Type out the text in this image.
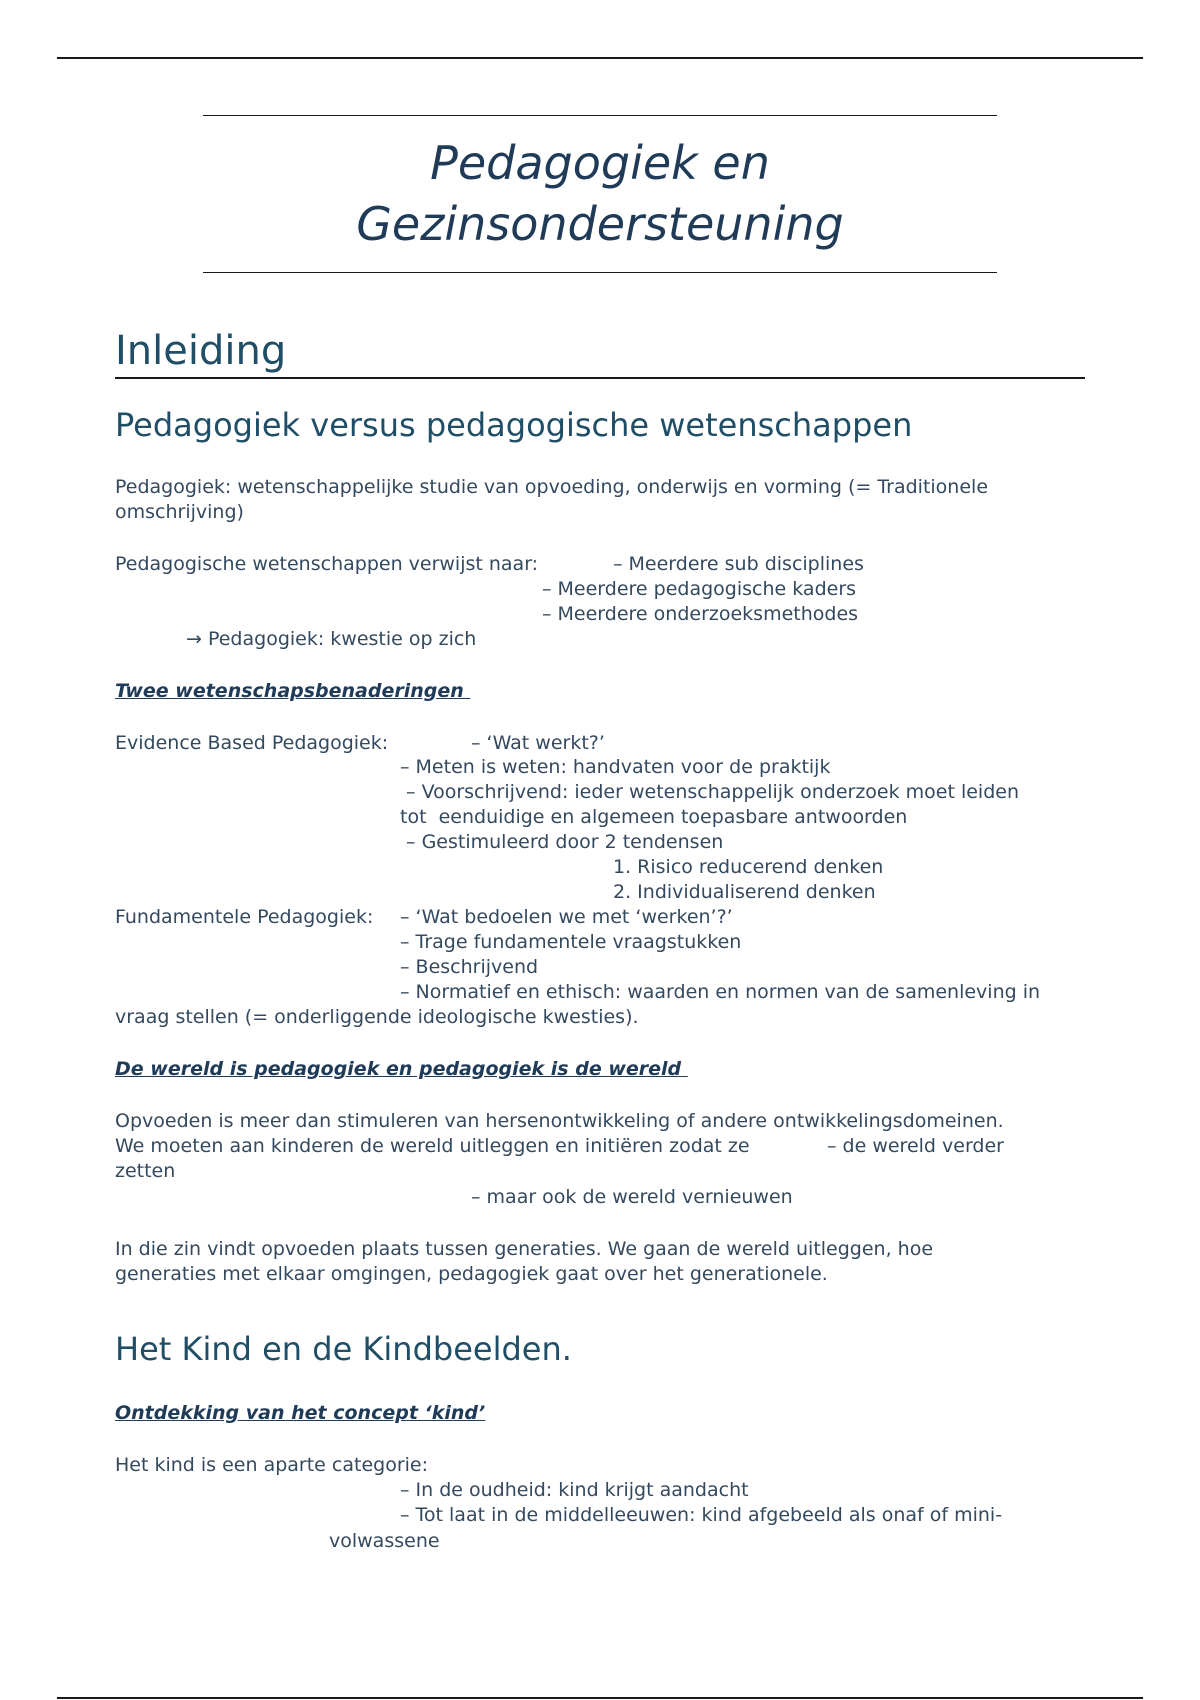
Pedagogiek en
Gezinsondersteuning
Inleiding
Pedagogiek versus pedagogische wetenschappen
Pedagogiek: wetenschappelijke studie van opvoeding, onderwijs en vorming (= Traditionele
omschrijving)
Pedagogische wetenschappen verwijst naar:	– Meerdere sub disciplines
– Meerdere pedagogische kaders
– Meerdere onderzoeksmethodes
→ Pedagogiek: kwestie op zich
Twee wetenschapsbenaderingen
Evidence Based Pedagogiek:	– ‘Wat werkt?’
– Meten is weten: handvaten voor de praktijk
– Voorschrijvend: ieder wetenschappelijk onderzoek moet leiden
tot  eenduidige en algemeen toepasbare antwoorden
– Gestimuleerd door 2 tendensen
1. Risico reducerend denken
2. Individualiserend denken
Fundamentele Pedagogiek: – ‘Wat bedoelen we met ‘werken’?’
– Trage fundamentele vraagstukken
– Beschrijvend
– Normatief en ethisch: waarden en normen van de samenleving in
vraag stellen (= onderliggende ideologische kwesties).
De wereld is pedagogiek en pedagogiek is de wereld
Opvoeden is meer dan stimuleren van hersenontwikkeling of andere ontwikkelingsdomeinen.
We moeten aan kinderen de wereld uitleggen en initiëren zodat ze	– de wereld verder
zetten
– maar ook de wereld vernieuwen
In die zin vindt opvoeden plaats tussen generaties. We gaan de wereld uitleggen, hoe
generaties met elkaar omgingen, pedagogiek gaat over het generationele.
Het Kind en de Kindbeelden.
Ontdekking van het concept ‘kind’
Het kind is een aparte categorie:
– In de oudheid: kind krijgt aandacht
– Tot laat in de middelleeuwen: kind afgebeeld als onaf of mini-
volwassene
